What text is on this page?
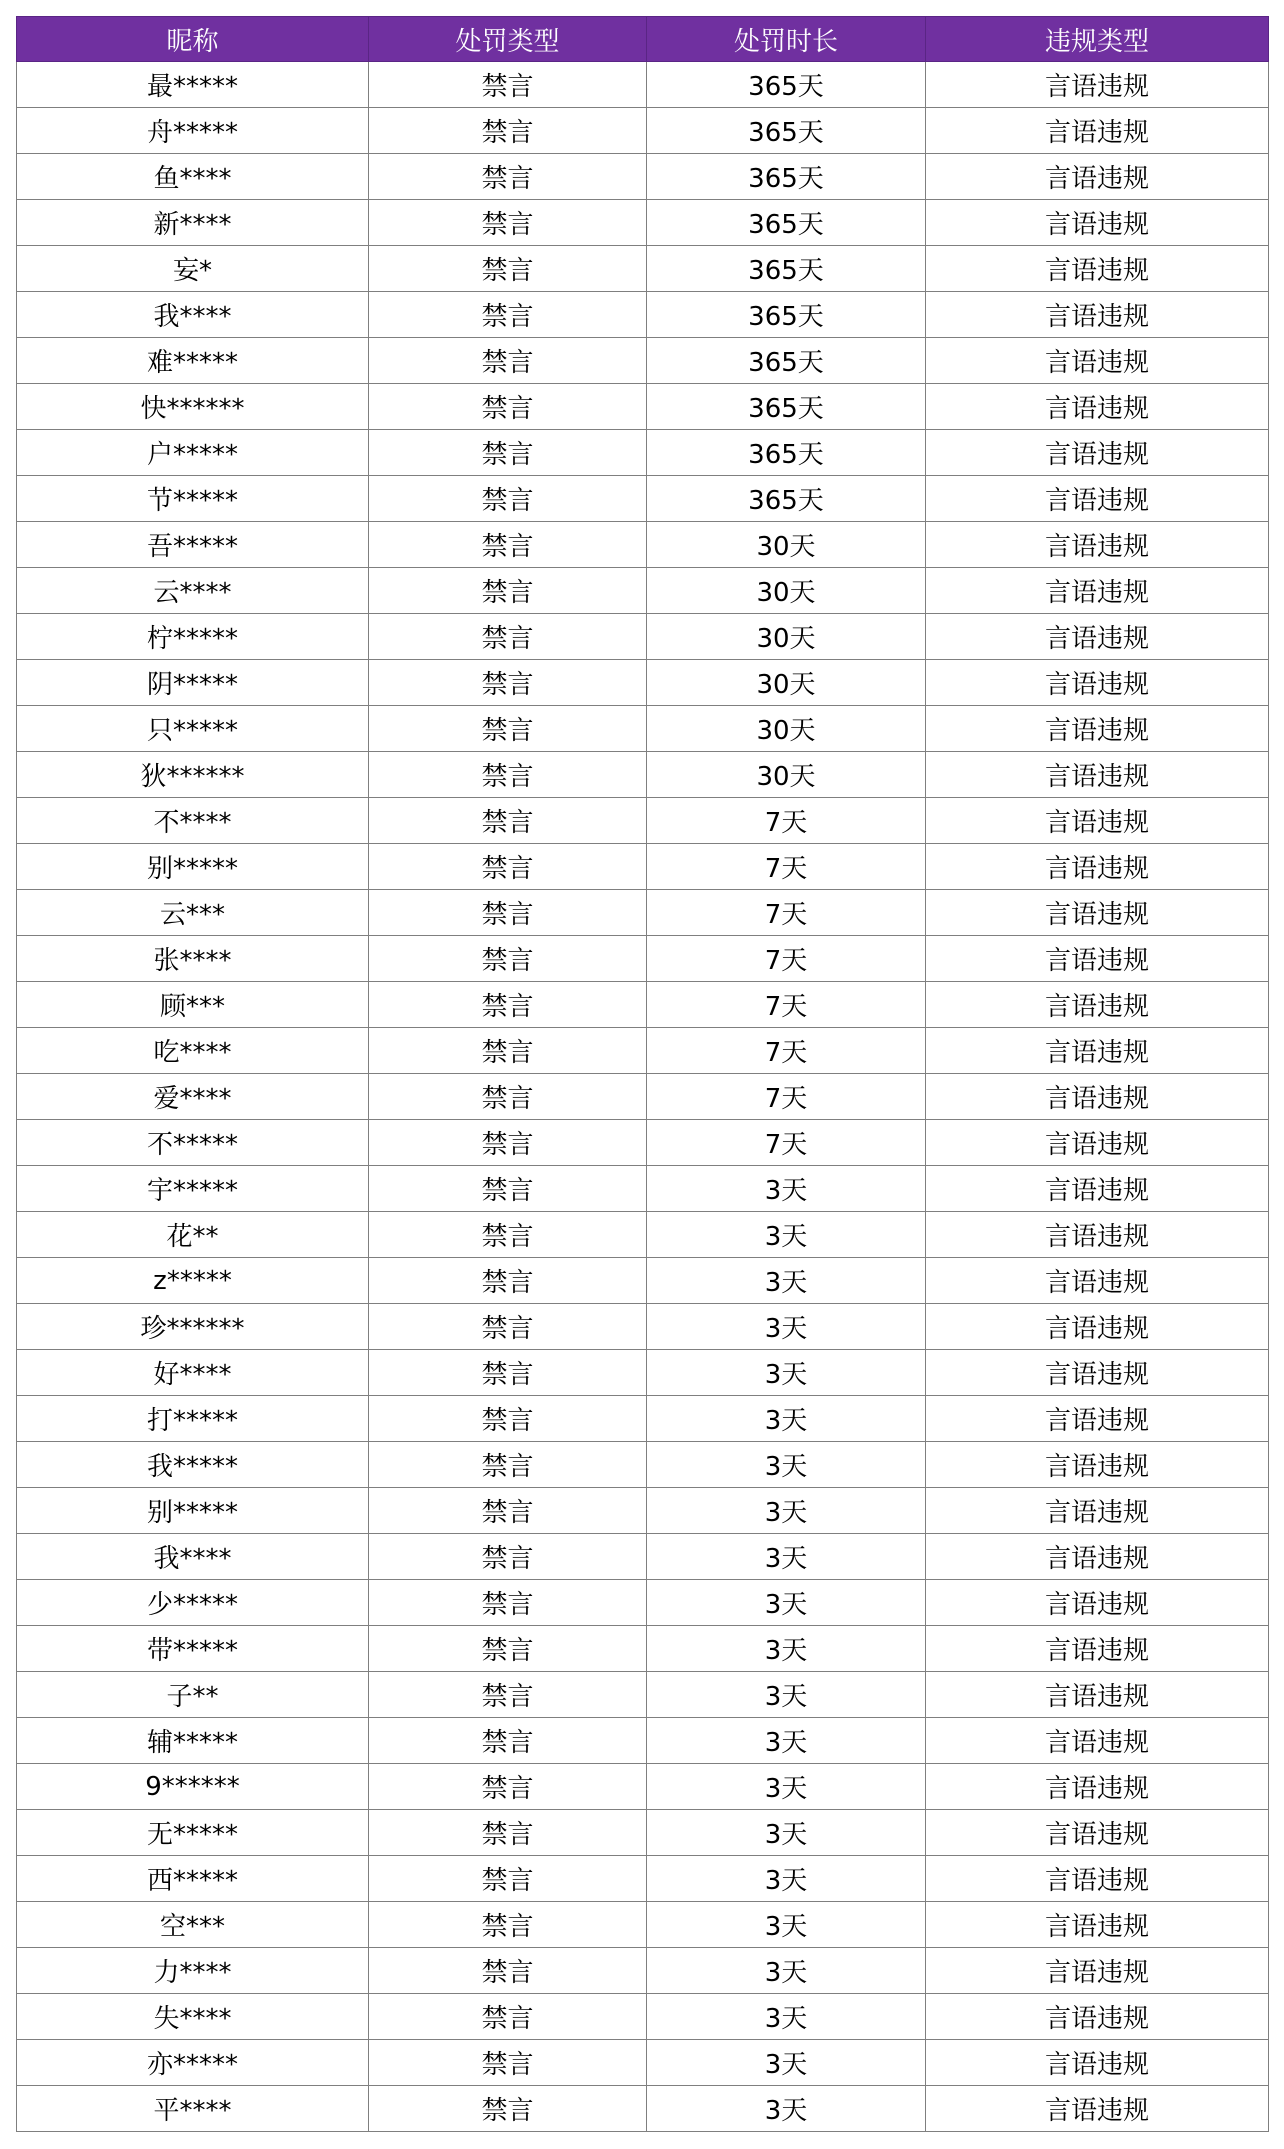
昵称	处罚类型	处罚时长	违规类型
最*****	禁言	365天	言语违规
舟*****	禁言	365天	言语违规
鱼****	禁言	365天	言语违规
新****	禁言	365天	言语违规
妄*	禁言	365天	言语违规
我****	禁言	365天	言语违规
难*****	禁言	365天	言语违规
快******	禁言	365天	言语违规
户*****	禁言	365天	言语违规
节*****	禁言	365天	言语违规
吾*****	禁言	30天	言语违规
云****	禁言	30天	言语违规
柠*****	禁言	30天	言语违规
阴*****	禁言	30天	言语违规
只*****	禁言	30天	言语违规
狄******	禁言	30天	言语违规
不****	禁言	7天	言语违规
别*****	禁言	7天	言语违规
云***	禁言	7天	言语违规
张****	禁言	7天	言语违规
顾***	禁言	7天	言语违规
吃****	禁言	7天	言语违规
爱****	禁言	7天	言语违规
不*****	禁言	7天	言语违规
宇*****	禁言	3天	言语违规
花**	禁言	3天	言语违规
z*****	禁言	3天	言语违规
珍******	禁言	3天	言语违规
好****	禁言	3天	言语违规
打*****	禁言	3天	言语违规
我*****	禁言	3天	言语违规
别*****	禁言	3天	言语违规
我****	禁言	3天	言语违规
少*****	禁言	3天	言语违规
带*****	禁言	3天	言语违规
子**	禁言	3天	言语违规
辅*****	禁言	3天	言语违规
9******	禁言	3天	言语违规
无*****	禁言	3天	言语违规
西*****	禁言	3天	言语违规
空***	禁言	3天	言语违规
力****	禁言	3天	言语违规
失****	禁言	3天	言语违规
亦*****	禁言	3天	言语违规
平****	禁言	3天	言语违规
